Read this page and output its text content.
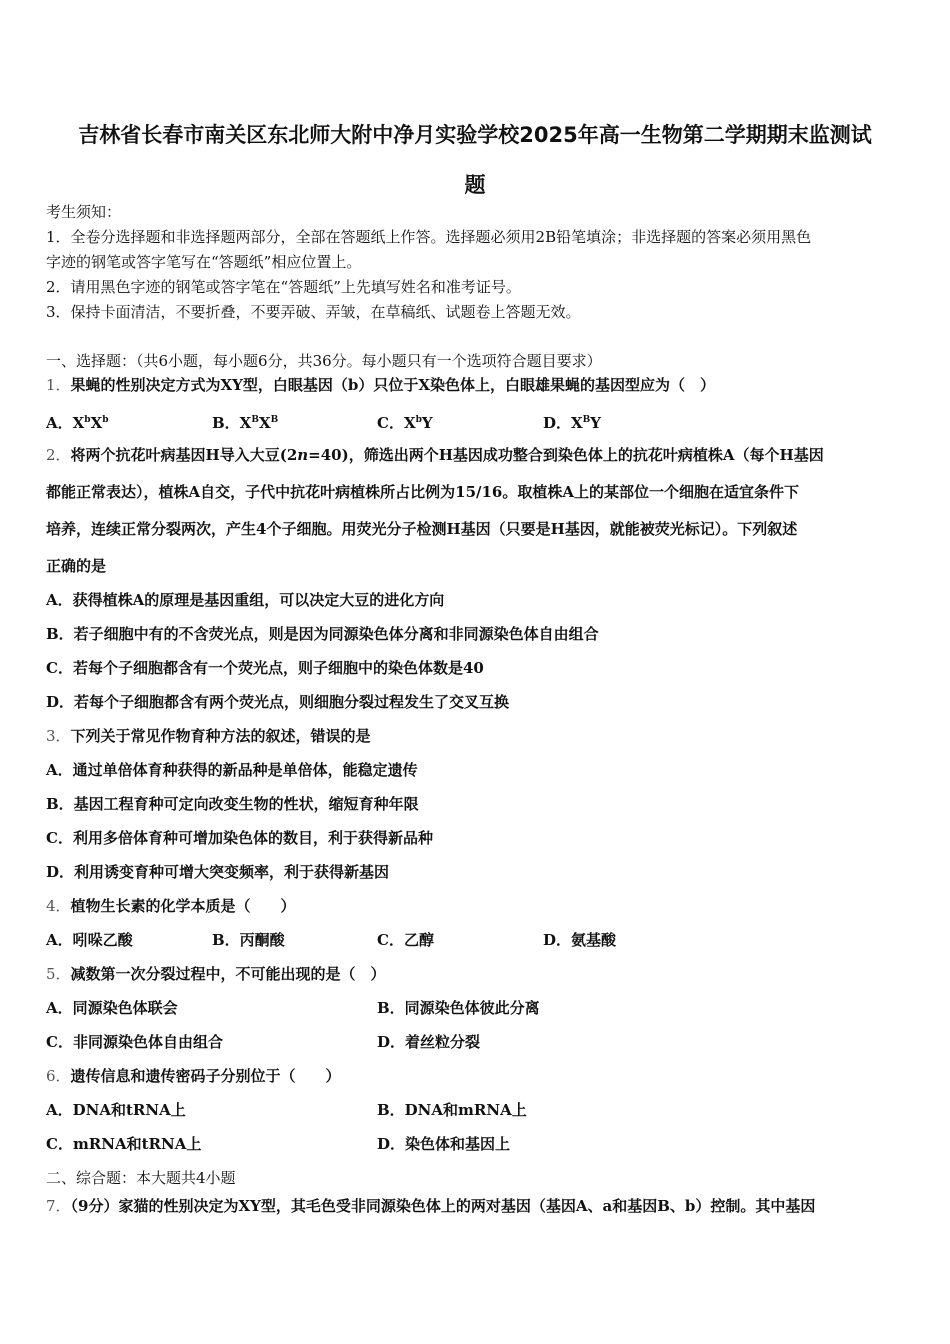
吉林省长春市南关区东北师大附中净月实验学校2025年高一生物第二学期期末监测试
题
考生须知：
1．全卷分选择题和非选择题两部分，全部在答题纸上作答。选择题必须用2B铅笔填涂；非选择题的答案必须用黑色
字迹的钢笔或答字笔写在“答题纸”相应位置上。
2．请用黑色字迹的钢笔或答字笔在“答题纸”上先填写姓名和准考证号。
3．保持卡面清洁，不要折叠，不要弄破、弄皱，在草稿纸、试题卷上答题无效。
一、选择题：（共6小题，每小题6分，共36分。每小题只有一个选项符合题目要求）
1．果蝇的性别决定方式为XY型，白眼基因（b）只位于X染色体上，白眼雄果蝇的基因型应为（　）
A．$X^bX^b$	B．$X^BX^B$	C．$X^bY$	D．$X^BY$
2．将两个抗花叶病基因H导入大豆(2n=40)，筛选出两个H基因成功整合到染色体上的抗花叶病植株A（每个H基因
都能正常表达），植株A自交，子代中抗花叶病植株所占比例为15/16。取植株A上的某部位一个细胞在适宜条件下
培养，连续正常分裂两次，产生4个子细胞。用荧光分子检测H基因（只要是H基因，就能被荧光标记）。下列叙述
正确的是
A．获得植株A的原理是基因重组，可以决定大豆的进化方向
B．若子细胞中有的不含荧光点，则是因为同源染色体分离和非同源染色体自由组合
C．若每个子细胞都含有一个荧光点，则子细胞中的染色体数是40
D．若每个子细胞都含有两个荧光点，则细胞分裂过程发生了交叉互换
3．下列关于常见作物育种方法的叙述，错误的是
A．通过单倍体育种获得的新品种是单倍体，能稳定遗传
B．基因工程育种可定向改变生物的性状，缩短育种年限
C．利用多倍体育种可增加染色体的数目，利于获得新品种
D．利用诱变育种可增大突变频率，利于获得新基因
4．植物生长素的化学本质是（　　）
A．吲哚乙酸	B．丙酮酸	C．乙醇	D．氨基酸
5．减数第一次分裂过程中，不可能出现的是（　）
A．同源染色体联会	B．同源染色体彼此分离
C．非同源染色体自由组合	D．着丝粒分裂
6．遗传信息和遗传密码子分别位于（　　）
A．DNA和tRNA上	B．DNA和mRNA上
C．mRNA和tRNA上	D．染色体和基因上
二、综合题：本大题共4小题
7．（9分）家猫的性别决定为XY型，其毛色受非同源染色体上的两对基因（基因A、a和基因B、b）控制。其中基因
